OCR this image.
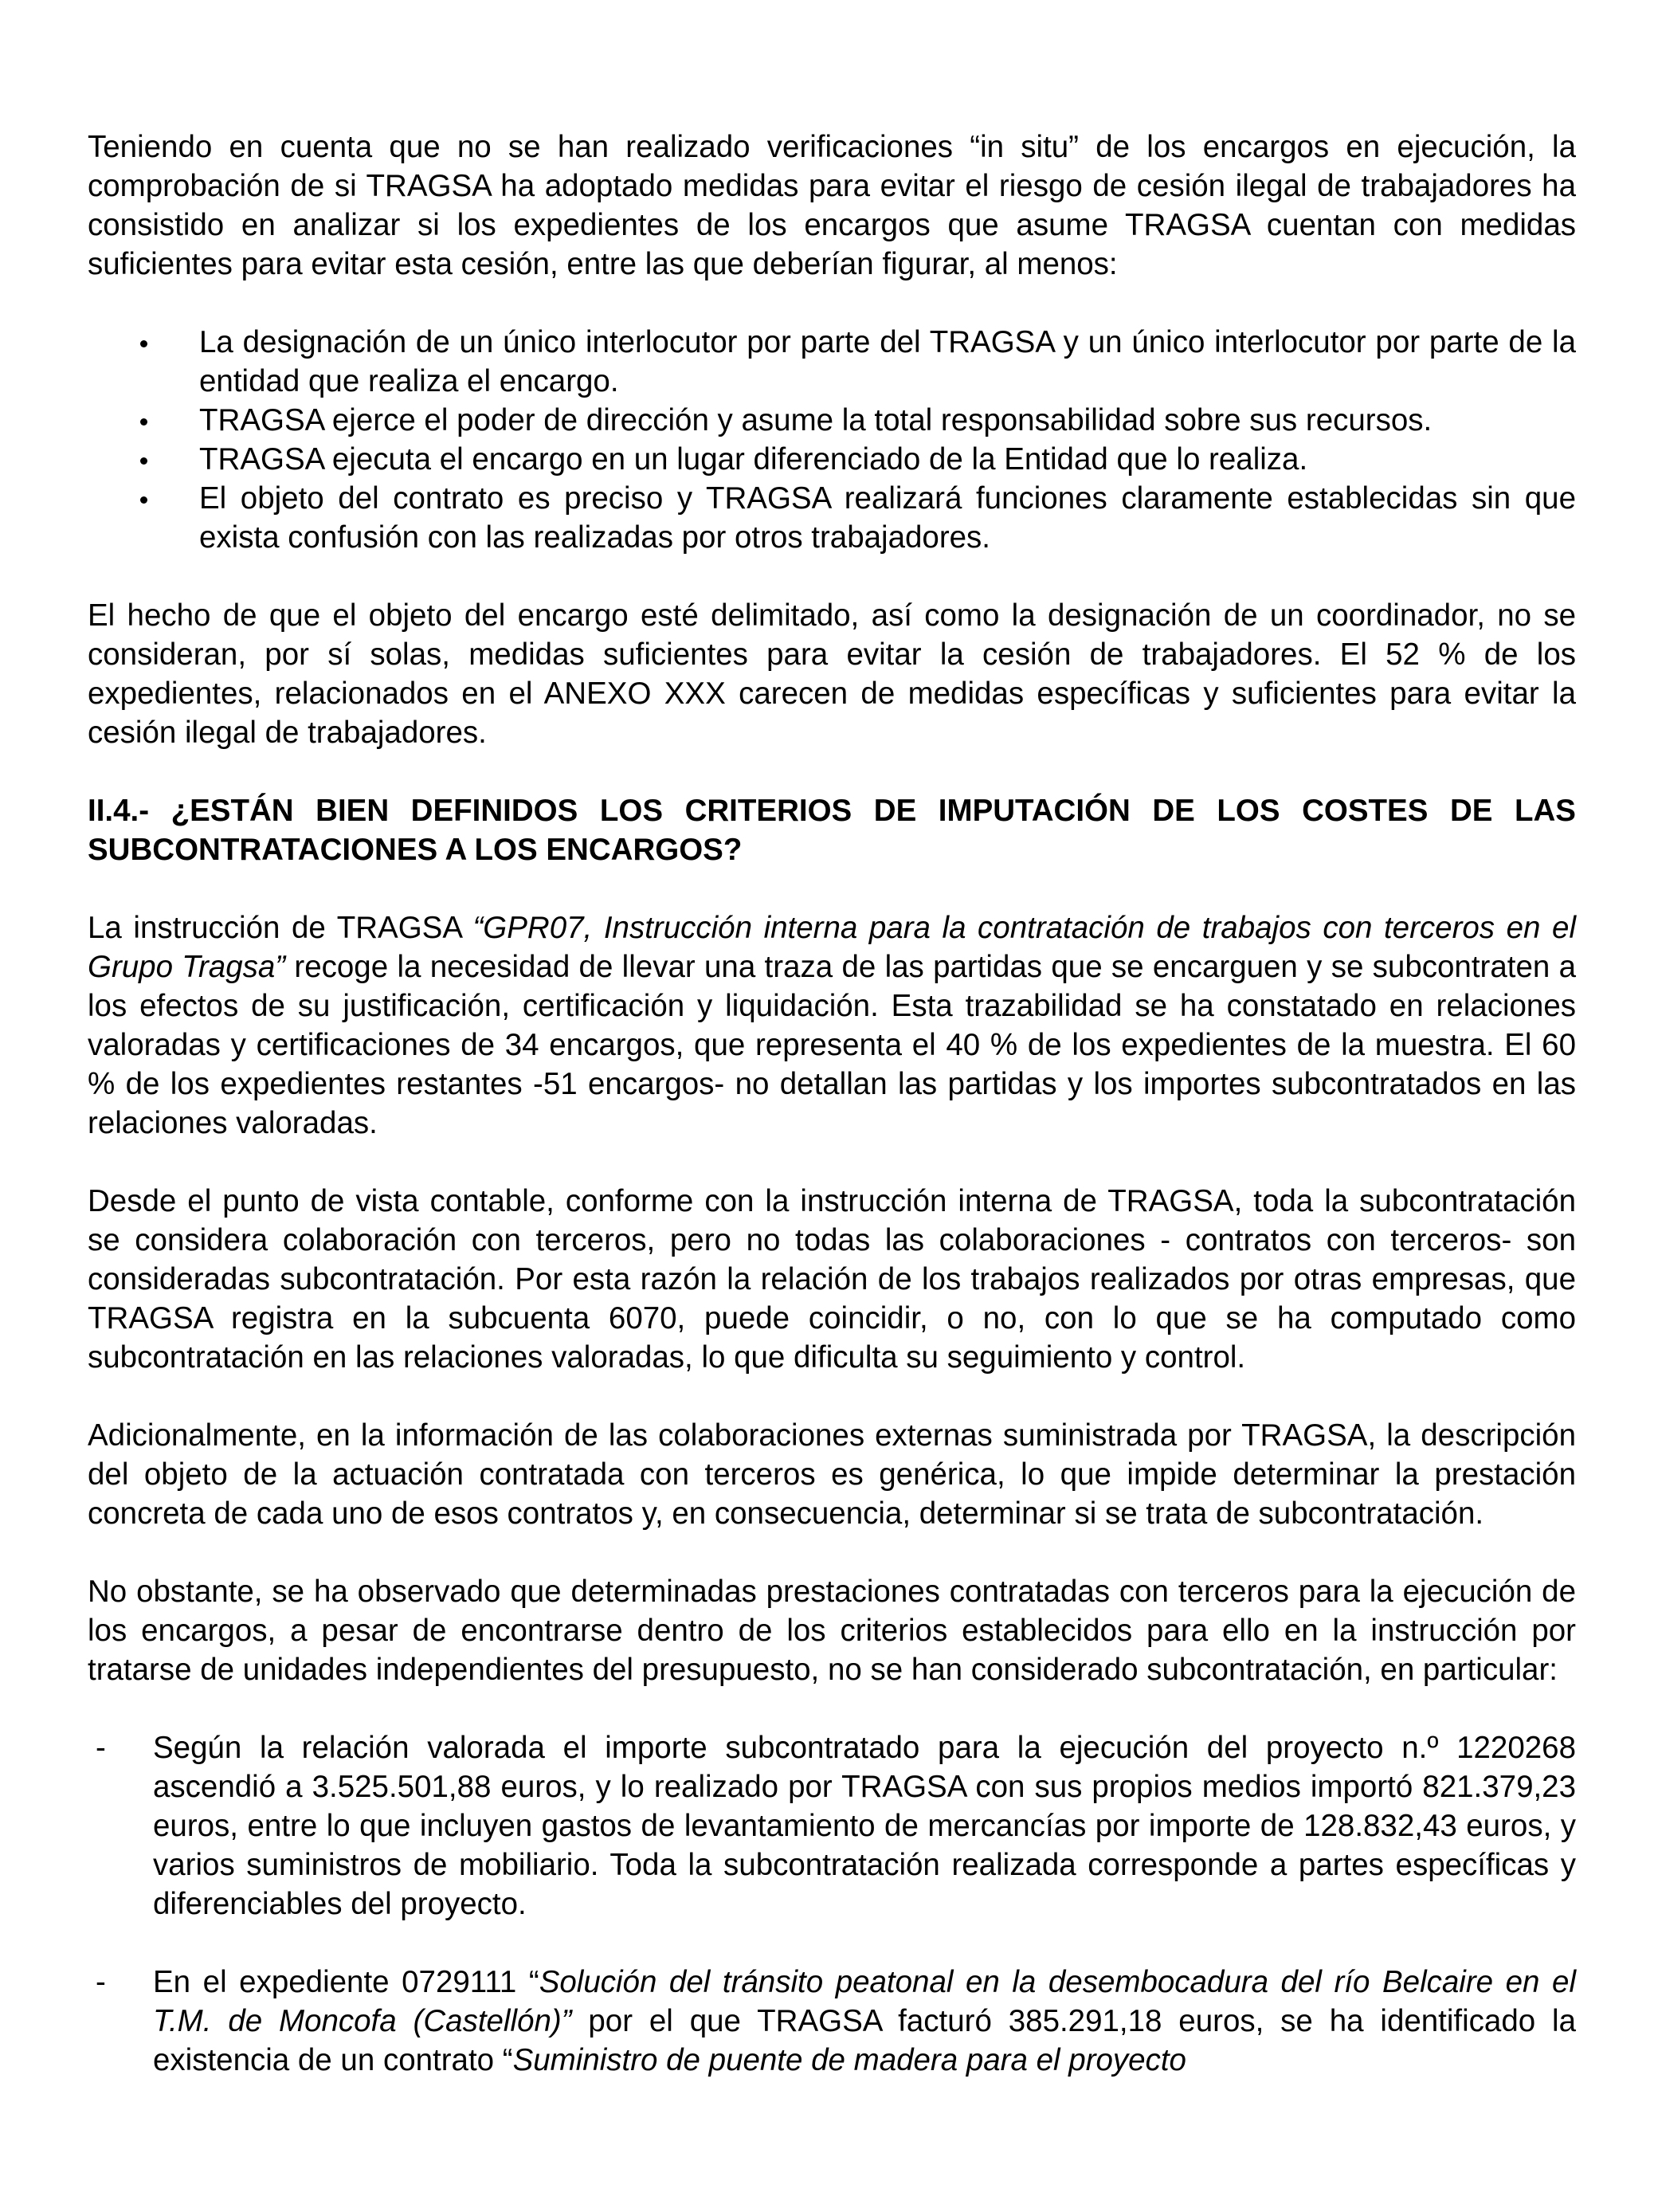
Teniendo en cuenta que no se han realizado verificaciones “in situ” de los encargos en ejecución, la comprobación de si TRAGSA ha adoptado medidas para evitar el riesgo de cesión ilegal de trabajadores ha consistido en analizar si los expedientes de los encargos que asume TRAGSA cuentan con medidas suficientes para evitar esta cesión, entre las que deberían figurar, al menos:

La designación de un único interlocutor por parte del TRAGSA y un único interlocutor por parte de la entidad que realiza el encargo.
TRAGSA ejerce el poder de dirección y asume la total responsabilidad sobre sus recursos.
TRAGSA ejecuta el encargo en un lugar diferenciado de la Entidad que lo realiza.
El objeto del contrato es preciso y TRAGSA realizará funciones claramente establecidas sin que exista confusión con las realizadas por otros trabajadores.

El hecho de que el objeto del encargo esté delimitado, así como la designación de un coordinador, no se consideran, por sí solas, medidas suficientes para evitar la cesión de trabajadores. El 52 % de los expedientes, relacionados en el ANEXO XXX carecen de medidas específicas y suficientes para evitar la cesión ilegal de trabajadores.

II.4.- ¿ESTÁN BIEN DEFINIDOS LOS CRITERIOS DE IMPUTACIÓN DE LOS COSTES DE LAS SUBCONTRATACIONES A LOS ENCARGOS?

La instrucción de TRAGSA “GPR07, Instrucción interna para la contratación de trabajos con terceros en el Grupo Tragsa” recoge la necesidad de llevar una traza de las partidas que se encarguen y se subcontraten a los efectos de su justificación, certificación y liquidación. Esta trazabilidad se ha constatado en relaciones valoradas y certificaciones de 34 encargos, que representa el 40 % de los expedientes de la muestra. El 60 % de los expedientes restantes -51 encargos- no detallan las partidas y los importes subcontratados en las relaciones valoradas.

Desde el punto de vista contable, conforme con la instrucción interna de TRAGSA, toda la subcontratación se considera colaboración con terceros, pero no todas las colaboraciones - contratos con terceros- son consideradas subcontratación. Por esta razón la relación de los trabajos realizados por otras empresas, que TRAGSA registra en la subcuenta 6070, puede coincidir, o no, con lo que se ha computado como subcontratación en las relaciones valoradas, lo que dificulta su seguimiento y control.

Adicionalmente, en la información de las colaboraciones externas suministrada por TRAGSA, la descripción del objeto de la actuación contratada con terceros es genérica, lo que impide determinar la prestación concreta de cada uno de esos contratos y, en consecuencia, determinar si se trata de subcontratación.

No obstante, se ha observado que determinadas prestaciones contratadas con terceros para la ejecución de los encargos, a pesar de encontrarse dentro de los criterios establecidos para ello en la instrucción por tratarse de unidades independientes del presupuesto, no se han considerado subcontratación, en particular:

- Según la relación valorada el importe subcontratado para la ejecución del proyecto n.º 1220268 ascendió a 3.525.501,88 euros, y lo realizado por TRAGSA con sus propios medios importó 821.379,23 euros, entre lo que incluyen gastos de levantamiento de mercancías por importe de 128.832,43 euros, y varios suministros de mobiliario. Toda la subcontratación realizada corresponde a partes específicas y diferenciables del proyecto.
- En el expediente 0729111 “Solución del tránsito peatonal en la desembocadura del río Belcaire en el T.M. de Moncofa (Castellón)” por el que TRAGSA facturó 385.291,18 euros, se ha identificado la existencia de un contrato “Suministro de puente de madera para el proyecto
